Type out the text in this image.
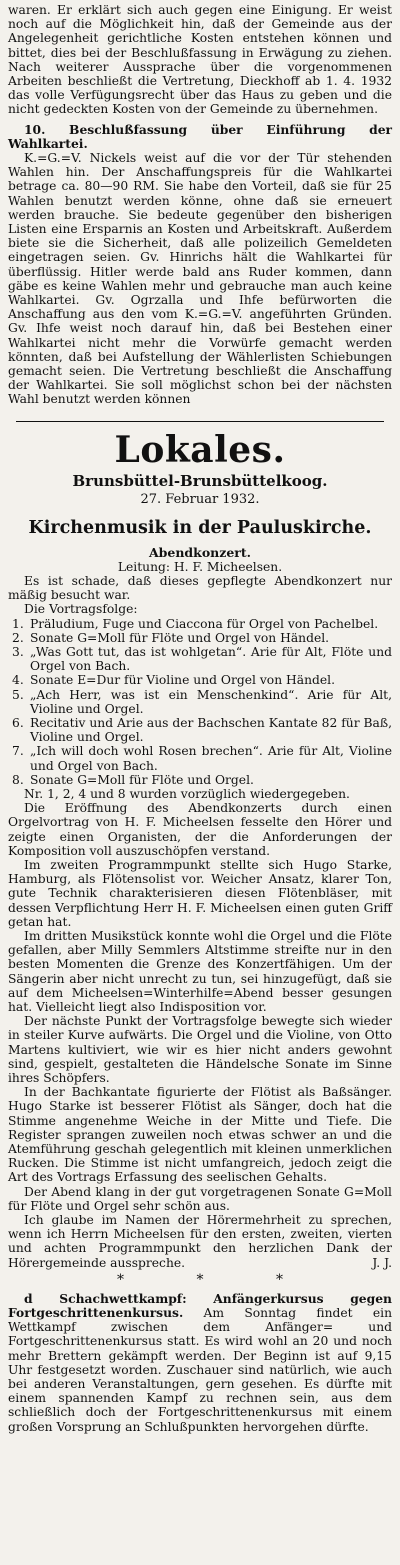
waren. Er erklärt sich auch gegen eine Einigung. Er weist noch auf die Möglichkeit hin, daß der Gemeinde aus der Angelegenheit gerichtliche Kosten entstehen können und bittet, dies bei der Beschlußfassung in Erwägung zu ziehen. Nach weiterer Aussprache über die vorgenommenen Arbeiten beschließt die Vertretung, Dieckhoff ab 1. 4. 1932 das volle Verfügungsrecht über das Haus zu geben und die nicht gedeckten Kosten von der Gemeinde zu übernehmen.

10. Beschlußfassung über Einführung der Wahlkartei.

K.=G.=V. Nickels weist auf die vor der Tür stehenden Wahlen hin. Der Anschaffungspreis für die Wahlkartei betrage ca. 80—90 RM. Sie habe den Vorteil, daß sie für 25 Wahlen benutzt werden könne, ohne daß sie erneuert werden brauche. Sie bedeute gegenüber den bisherigen Listen eine Ersparnis an Kosten und Arbeitskraft. Außerdem biete sie die Sicherheit, daß alle polizeilich Gemeldeten eingetragen seien. Gv. Hinrichs hält die Wahlkartei für überflüssig. Hitler werde bald ans Ruder kommen, dann gäbe es keine Wahlen mehr und gebrauche man auch keine Wahlkartei. Gv. Ogrzalla und Ihfe befürworten die Anschaffung aus den vom K.=G.=V. angeführten Gründen. Gv. Ihfe weist noch darauf hin, daß bei Bestehen einer Wahlkartei nicht mehr die Vorwürfe gemacht werden könnten, daß bei Aufstellung der Wählerlisten Schiebungen gemacht seien. Die Vertretung beschließt die Anschaffung der Wahlkartei. Sie soll möglichst schon bei der nächsten Wahl benutzt werden können

Lokales.
Brunsbüttel-Brunsbüttelkoog.
27. Februar 1932.
Kirchenmusik in der Pauluskirche.
Abendkonzert.
Leitung: H. F. Micheelsen.

Es ist schade, daß dieses gepflegte Abendkonzert nur mäßig besucht war.

Die Vortragsfolge:

1. Präludium, Fuge und Ciaccona für Orgel von Pachelbel.
2. Sonate G=Moll für Flöte und Orgel von Händel.
3. „Was Gott tut, das ist wohlgetan“. Arie für Alt, Flöte und Orgel von Bach.
4. Sonate E=Dur für Violine und Orgel von Händel.
5. „Ach Herr, was ist ein Menschenkind“. Arie für Alt, Violine und Orgel.
6. Recitativ und Arie aus der Bachschen Kantate 82 für Baß, Violine und Orgel.
7. „Ich will doch wohl Rosen brechen“. Arie für Alt, Violine und Orgel von Bach.
8. Sonate G=Moll für Flöte und Orgel.

Nr. 1, 2, 4 und 8 wurden vorzüglich wiedergegeben.

Die Eröffnung des Abendkonzerts durch einen Orgelvortrag von H. F. Micheelsen fesselte den Hörer und zeigte einen Organisten, der die Anforderungen der Komposition voll auszuschöpfen verstand.

Im zweiten Programmpunkt stellte sich Hugo Starke, Hamburg, als Flötensolist vor. Weicher Ansatz, klarer Ton, gute Technik charakterisieren diesen Flötenbläser, mit dessen Verpflichtung Herr H. F. Micheelsen einen guten Griff getan hat.

Im dritten Musikstück konnte wohl die Orgel und die Flöte gefallen, aber Milly Semmlers Altstimme streifte nur in den besten Momenten die Grenze des Konzertfähigen. Um der Sängerin aber nicht unrecht zu tun, sei hinzugefügt, daß sie auf dem Micheelsen=Winterhilfe=Abend besser gesungen hat. Vielleicht liegt also Indisposition vor.

Der nächste Punkt der Vortragsfolge bewegte sich wieder in steiler Kurve aufwärts. Die Orgel und die Violine, von Otto Martens kultiviert, wie wir es hier nicht anders gewohnt sind, gespielt, gestalteten die Händelsche Sonate im Sinne ihres Schöpfers.

In der Bachkantate figurierte der Flötist als Baßsänger. Hugo Starke ist besserer Flötist als Sänger, doch hat die Stimme angenehme Weiche in der Mitte und Tiefe. Die Register sprangen zuweilen noch etwas schwer an und die Atemführung geschah gelegentlich mit kleinen unmerklichen Rucken. Die Stimme ist nicht umfangreich, jedoch zeigt die Art des Vortrags Erfassung des seelischen Gehalts.

Der Abend klang in der gut vorgetragenen Sonate G=Moll für Flöte und Orgel sehr schön aus.

Ich glaube im Namen der Hörermehrheit zu sprechen, wenn ich Herrn Micheelsen für den ersten, zweiten, vierten und achten Programmpunkt den herzlichen Dank der Hörergemeinde ausspreche.	J. J.

* * *

d Schachwettkampf: Anfängerkursus gegen Fortgeschrittenenkursus. Am Sonntag findet ein Wettkampf zwischen dem Anfänger= und Fortgeschrittenenkursus statt. Es wird wohl an 20 und noch mehr Brettern gekämpft werden. Der Beginn ist auf 9,15 Uhr festgesetzt worden. Zuschauer sind natürlich, wie auch bei anderen Veranstaltungen, gern gesehen. Es dürfte mit einem spannenden Kampf zu rechnen sein, aus dem schließlich doch der Fortgeschrittenenkursus mit einem großen Vorsprung an Schlußpunkten hervorgehen dürfte.
